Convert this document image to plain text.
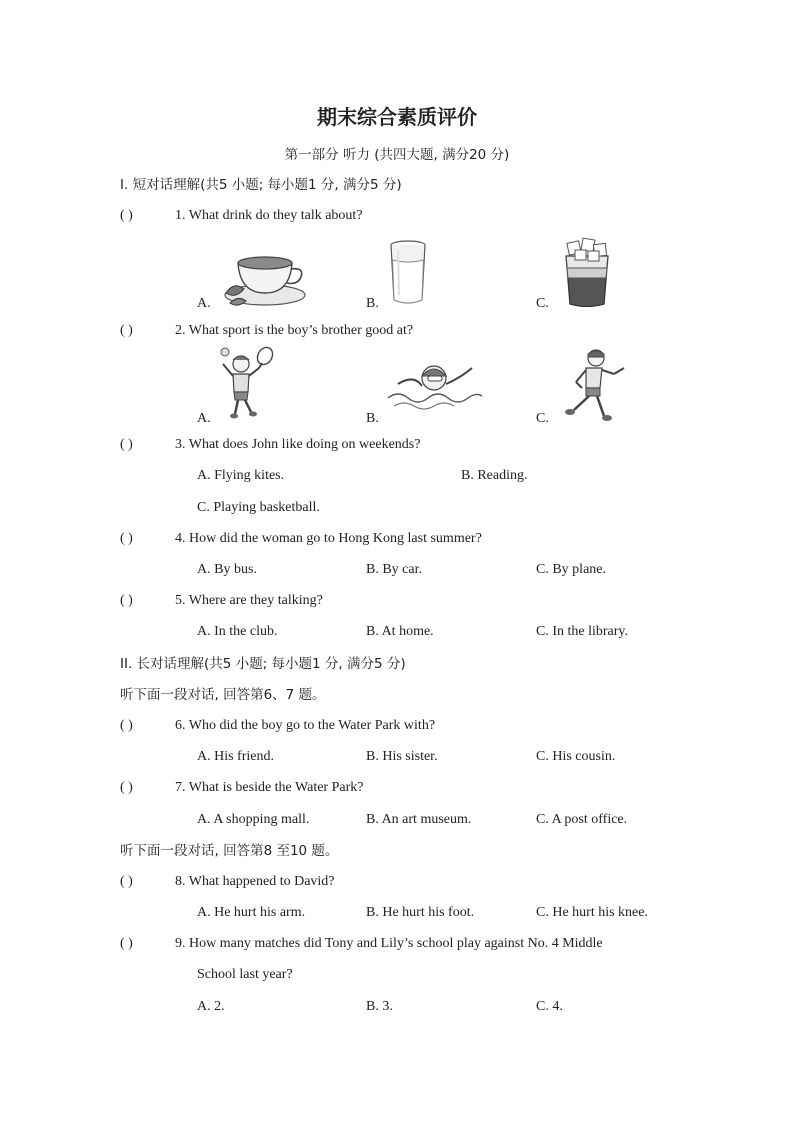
期末综合素质评价
第一部分 听力 (共四大题, 满分20 分)
I. 短对话理解(共5 小题; 每小题1 分, 满分5 分)
( )	1. What drink do they talk about?
A.	B.	C.
( )	2. What sport is the boy’s brother good at?
A.	B.	C.
( )	3. What does John like doing on weekends?
A. Flying kites.	B. Reading.
C. Playing basketball.
( )	4. How did the woman go to Hong Kong last summer?
A. By bus.	B. By car.	C. By plane.
( )	5. Where are they talking?
A. In the club.	B. At home.	C. In the library.
II. 长对话理解(共5 小题; 每小题1 分, 满分5 分)
听下面一段对话, 回答第6、7 题。
( )	6. Who did the boy go to the Water Park with?
A. His friend.	B. His sister.	C. His cousin.
( )	7. What is beside the Water Park?
A. A shopping mall.	B. An art museum.	C. A post office.
听下面一段对话, 回答第8 至10 题。
( )	8. What happened to David?
A. He hurt his arm.	B. He hurt his foot.	C. He hurt his knee.
( )	9. How many matches did Tony and Lily’s school play against No. 4 Middle
School last year?
A. 2.	B. 3.	C. 4.
